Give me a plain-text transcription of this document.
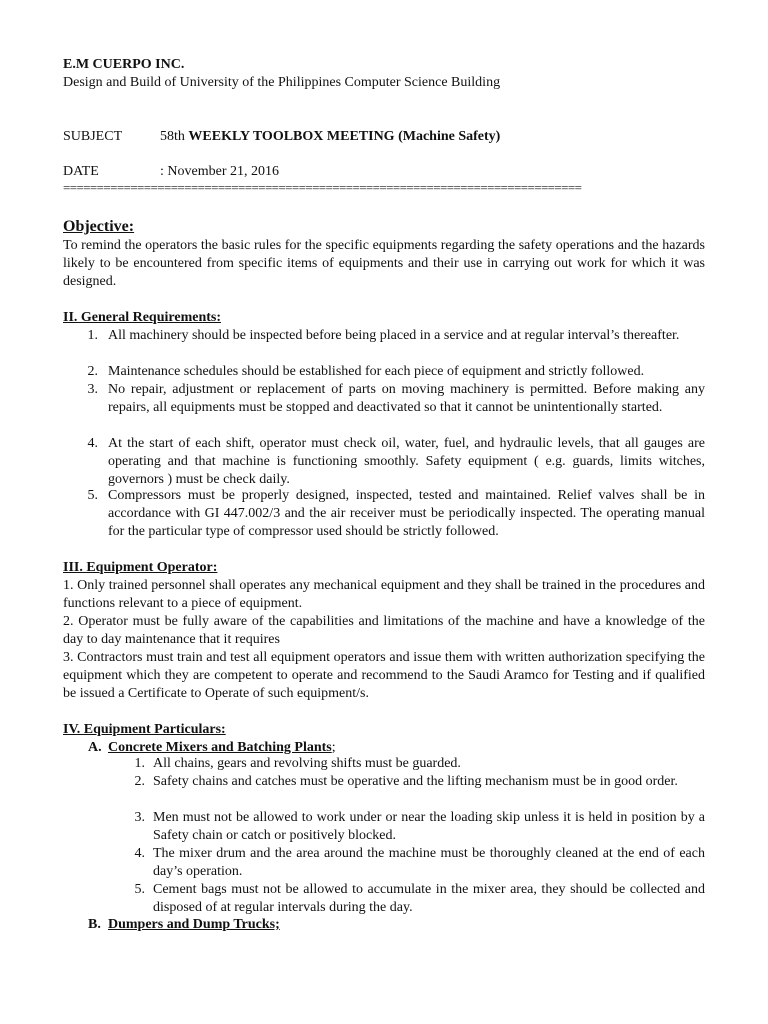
E.M CUERPO INC.
Design and Build of University of the Philippines Computer Science Building
SUBJECT	58th WEEKLY TOOLBOX MEETING (Machine Safety)
DATE	: November 21, 2016
=============================================================================
Objective:
To remind the operators the basic rules for the specific equipments regarding the safety operations and the hazards likely to be encountered from specific items of equipments and their use in carrying out work for which it was designed.
II. General Requirements:
1. All machinery should be inspected before being placed in a service and at regular interval’s thereafter.
2. Maintenance schedules should be established for each piece of equipment and strictly followed.
3. No repair, adjustment or replacement of parts on moving machinery is permitted. Before making any repairs, all equipments must be stopped and deactivated so that it cannot be unintentionally started.
4. At the start of each shift, operator must check oil, water, fuel, and hydraulic levels, that all gauges are operating and that machine is functioning smoothly. Safety equipment ( e.g. guards, limits witches, governors ) must be check daily.
5. Compressors must be properly designed, inspected, tested and maintained. Relief valves shall be in accordance with GI 447.002/3 and the air receiver must be periodically inspected. The operating manual for the particular type of compressor used should be strictly followed.
III. Equipment Operator:
1. Only trained personnel shall operates any mechanical equipment and they shall be trained in the procedures and functions relevant to a piece of equipment.
2. Operator must be fully aware of the capabilities and limitations of the machine and have a knowledge of the day to day maintenance that it requires
3. Contractors must train and test all equipment operators and issue them with written authorization specifying the equipment which they are competent to operate and recommend to the Saudi Aramco for Testing and if qualified be issued a Certificate to Operate of such equipment/s.
IV. Equipment Particulars:
A. Concrete Mixers and Batching Plants;
1. All chains, gears and revolving shifts must be guarded.
2. Safety chains and catches must be operative and the lifting mechanism must be in good order.
3. Men must not be allowed to work under or near the loading skip unless it is held in position by a Safety chain or catch or positively blocked.
4. The mixer drum and the area around the machine must be thoroughly cleaned at the end of each day’s operation.
5. Cement bags must not be allowed to accumulate in the mixer area, they should be collected and disposed of at regular intervals during the day.
B. Dumpers and Dump Trucks;
